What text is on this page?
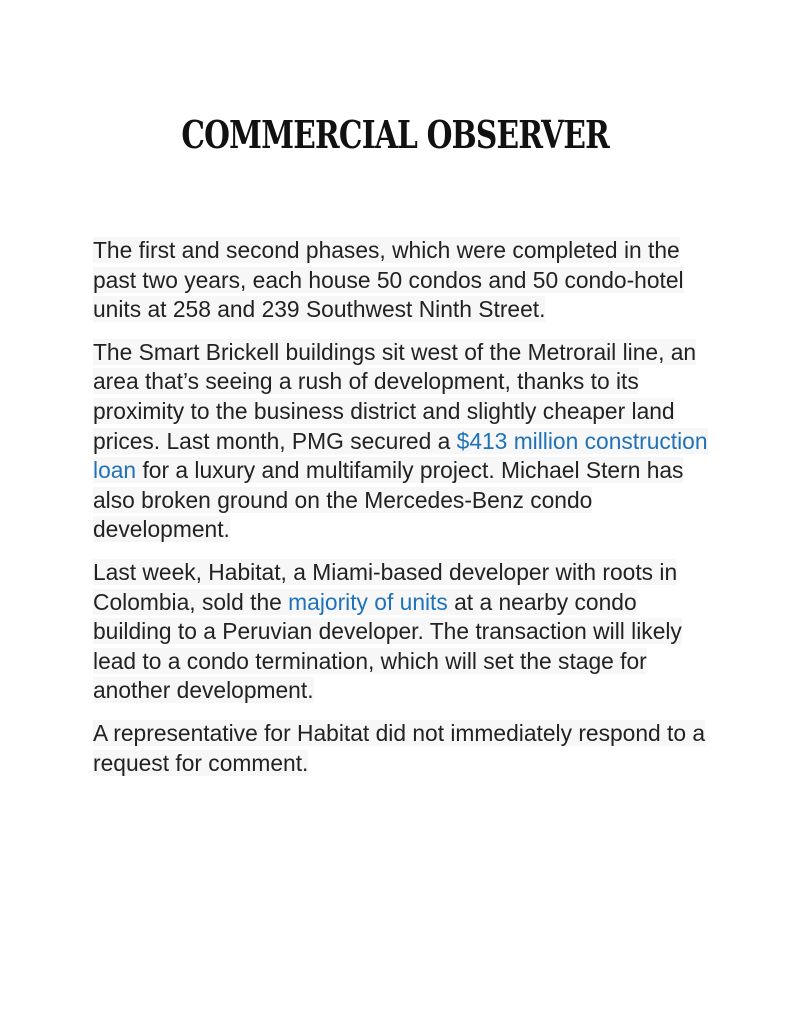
COMMERCIAL OBSERVER

The first and second phases, which were completed in the past two years, each house 50 condos and 50 condo-hotel units at 258 and 239 Southwest Ninth Street.

The Smart Brickell buildings sit west of the Metrorail line, an area that’s seeing a rush of development, thanks to its proximity to the business district and slightly cheaper land prices. Last month, PMG secured a $413 million construction loan for a luxury and multifamily project. Michael Stern has also broken ground on the Mercedes-Benz condo development.

Last week, Habitat, a Miami-based developer with roots in Colombia, sold the majority of units at a nearby condo building to a Peruvian developer. The transaction will likely lead to a condo termination, which will set the stage for another development.

A representative for Habitat did not immediately respond to a request for comment.
